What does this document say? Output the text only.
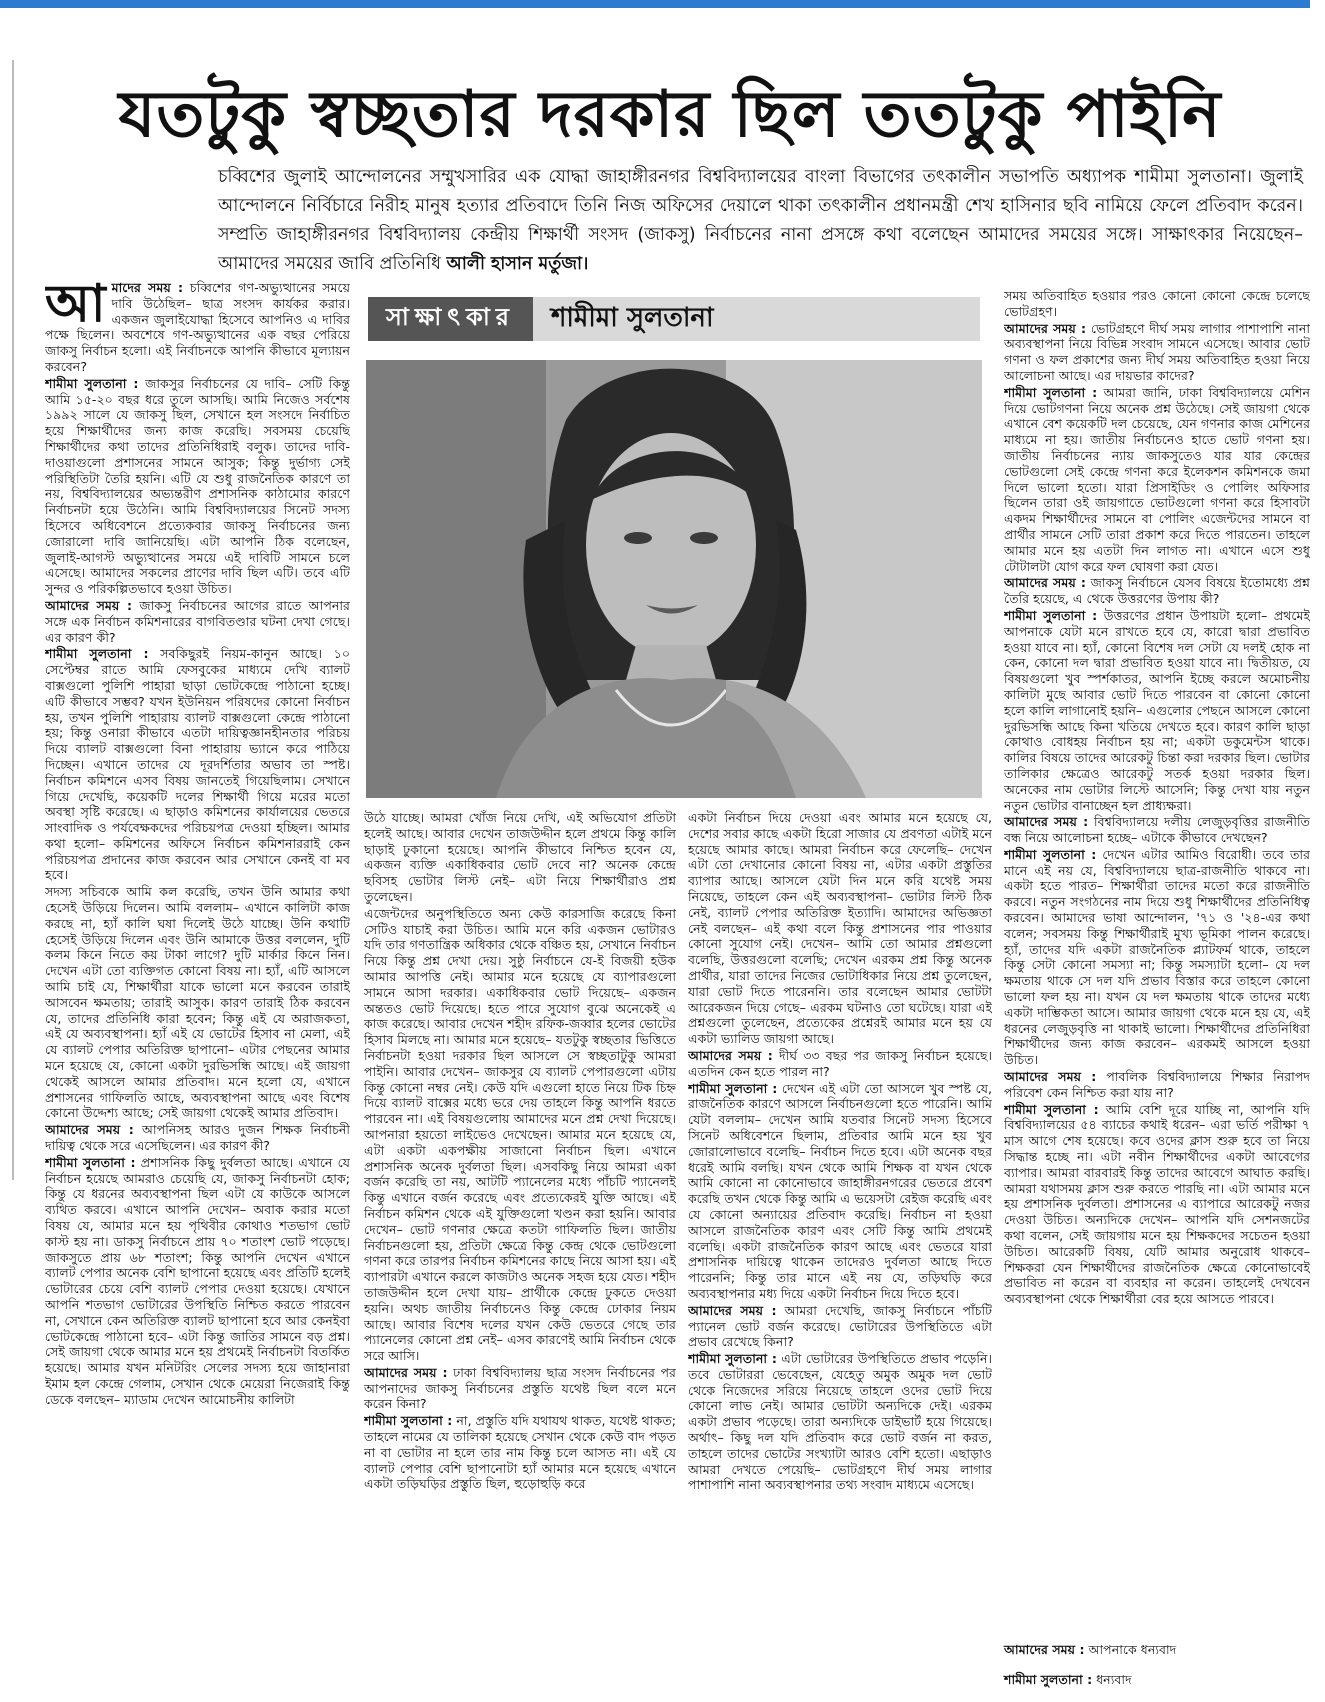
যতটুকু স্বচ্ছতার দরকার ছিল ততটুকু পাইনি
চব্বিশের জুলাই আন্দোলনের সম্মুখসারির এক যোদ্ধা জাহাঙ্গীরনগর বিশ্ববিদ্যালয়ের বাংলা বিভাগের তৎকালীন সভাপতি অধ্যাপক শামীমা সুলতানা। জুলাই আন্দোলনে নির্বিচারে নিরীহ মানুষ হত্যার প্রতিবাদে তিনি নিজ অফিসের দেয়ালে থাকা তৎকালীন প্রধানমন্ত্রী শেখ হাসিনার ছবি নামিয়ে ফেলে প্রতিবাদ করেন। সম্প্রতি জাহাঙ্গীরনগর বিশ্ববিদ্যালয় কেন্দ্রীয় শিক্ষার্থী সংসদ (জাকসু) নির্বাচনের নানা প্রসঙ্গে কথা বলেছেন আমাদের সময়ের সঙ্গে। সাক্ষাৎকার নিয়েছেন– আমাদের সময়ের জাবি প্রতিনিধি আলী হাসান মর্তুজা।
আ মাদের সময় : চব্বিশের গণ-অভ্যুত্থানের সময়ে দাবি উঠেছিল– ছাত্র সংসদ কার্যকর করার। একজন জুলাইযোদ্ধা হিসেবে আপনিও এ দাবির পক্ষে ছিলেন। অবশেষে গণ-অভ্যুত্থানের এক বছর পেরিয়ে জাকসু নির্বাচন হলো। এই নির্বাচনকে আপনি কীভাবে মূল্যায়ন করবেন?

শামীমা সুলতানা : জাকসুর নির্বাচনের যে দাবি– সেটি কিন্তু আমি ১৫-২০ বছর ধরে তুলে আসছি। আমি নিজেও সর্বশেষ ১৯৯২ সালে যে জাকসু ছিল, সেখানে হল সংসদে নির্বাচিত হয়ে শিক্ষার্থীদের জন্য কাজ করেছি। সবসময় চেয়েছি শিক্ষার্থীদের কথা তাদের প্রতিনিধিরাই বলুক। তাদের দাবি-দাওয়াগুলো প্রশাসনের সামনে আসুক; কিন্তু দুর্ভাগ্য সেই পরিস্থিতিটা তৈরি হয়নি। এটি যে শুধু রাজনৈতিক কারণে তা নয়, বিশ্ববিদ্যালয়ের অভ্যন্তরীণ প্রশাসনিক কাঠামোর কারণে নির্বাচনটা হয়ে উঠেনি। আমি বিশ্ববিদ্যালয়ের সিনেট সদস্য হিসেবে অধিবেশনে প্রত্যেকবার জাকসু নির্বাচনের জন্য জোরালো দাবি জানিয়েছি। এটা আপনি ঠিক বলেছেন, জুলাই-আগস্ট অভ্যুত্থানের সময়ে এই দাবিটি সামনে চলে এসেছে। আমাদের সকলের প্রাণের দাবি ছিল এটি। তবে এটি সুন্দর ও পরিকল্পিতভাবে হওয়া উচিত।

আমাদের সময় : জাকসু নির্বাচনের আগের রাতে আপনার সঙ্গে এক নির্বাচন কমিশনারের বাগবিতণ্ডার ঘটনা দেখা গেছে। এর কারণ কী?

শামীমা সুলতানা : সবকিছুরই নিয়ম-কানুন আছে। ১০ সেপ্টেম্বর রাতে আমি ফেসবুকের মাধ্যমে দেখি ব্যালট বাক্সগুলো পুলিশি পাহারা ছাড়া ভোটকেন্দ্রে পাঠানো হচ্ছে। এটি কীভাবে সম্ভব? যখন ইউনিয়ন পরিষদের কোনো নির্বাচন হয়, তখন পুলিশি পাহারায় ব্যালট বাক্সগুলো কেন্দ্রে পাঠানো হয়; কিন্তু ওনারা কীভাবে এতটা দায়িত্বজ্ঞানহীনতার পরিচয় দিয়ে ব্যালট বাক্সগুলো বিনা পাহারায় ভ্যানে করে পাঠিয়ে দিচ্ছেন। এখানে তাদের যে দূরদর্শিতার অভাব তা স্পষ্ট। নির্বাচন কমিশনে এসব বিষয় জানতেই গিয়েছিলাম। সেখানে গিয়ে দেখেছি, কয়েকটি দলের শিক্ষার্থী গিয়ে মরের মতো অবস্থা সৃষ্টি করেছে। এ ছাড়াও কমিশনের কার্যালয়ের ভেতরে সাংবাদিক ও পর্যবেক্ষকদের পরিচয়পত্র দেওয়া হচ্ছিল। আমার কথা হলো– কমিশনের অফিসে নির্বাচন কমিশনাররাই কেন পরিচয়পত্র প্রদানের কাজ করবেন আর সেখানে কেনই বা মব হবে।

সদস্য সচিবকে আমি কল করেছি, তখন উনি আমার কথা হেসেই উড়িয়ে দিলেন। আমি বললাম– এখানে কালিটা কাজ করছে না, হ্যাঁ কালি ঘষা দিলেই উঠে যাচ্ছে। উনি কথাটি হেসেই উড়িয়ে দিলেন এবং উনি আমাকে উত্তর বললেন, দুটি কলম কিনে নিতে কয় টাকা লাগে? দুটি মার্কার কিনে নিন। দেখেন এটা তো ব্যক্তিগত কোনো বিষয় না। হ্যাঁ, এটি আসলে আমি চাই যে, শিক্ষার্থীরা যাকে ভালো মনে করবেন তারাই আসবেন ক্ষমতায়; তারাই আসুক। কারণ তারাই ঠিক করবেন যে, তাদের প্রতিনিধি কারা হবেন; কিন্তু এই যে অরাজকতা, এই যে অব্যবস্থাপনা। হ্যাঁ এই যে ভোটের হিসাব না মেলা, এই যে ব্যালট পেপার অতিরিক্ত ছাপানো– এটার পেছনের আমার মনে হয়েছে যে, কোনো একটা দুরভিসন্ধি আছে। এই জায়গা থেকেই আসলে আমার প্রতিবাদ। মনে হলো যে, এখানে প্রশাসনের গাফিলতি আছে, অব্যবস্থাপনা আছে এবং বিশেষ কোনো উদ্দেশ্য আছে; সেই জায়গা থেকেই আমার প্রতিবাদ।

আমাদের সময় : আপনিসহ আরও দুজন শিক্ষক নির্বাচনী দায়িত্ব থেকে সরে এসেছিলেন। এর কারণ কী?

শামীমা সুলতানা : প্রশাসনিক কিছু দুর্বলতা আছে। এখানে যে নির্বাচন হয়েছে আমরাও চেয়েছি যে, জাকসু নির্বাচনটা হোক; কিন্তু যে ধরনের অব্যবস্থাপনা ছিল এটা যে কাউকে আসলে ব্যথিত করবে। এখানে আপনি দেখেন– অবাক করার মতো বিষয় যে, আমার মনে হয় পৃথিবীর কোথাও শতভাগ ভোট কাস্ট হয় না। ডাকসু নির্বাচনে প্রায় ৭০ শতাংশ ভোট পড়েছে। জাকসুতে প্রায় ৬৮ শতাংশ; কিন্তু আপনি দেখেন এখানে ব্যালট পেপার অনেক বেশি ছাপানো হয়েছে এবং প্রতিটি হলেই ভোটারের চেয়ে বেশি ব্যালট পেপার দেওয়া হয়েছে। যেখানে আপনি শতভাগ ভোটারের উপস্থিতি নিশ্চিত করতে পারবেন না, সেখানে কেন অতিরিক্ত ব্যালট ছাপানো হবে আর কেনইবা ভোটকেন্দ্রে পাঠানো হবে– এটা কিন্তু জাতির সামনে বড় প্রশ্ন। সেই জায়গা থেকে আমার মনে হয় প্রথমেই নির্বাচনটা বিতর্কিত হয়েছে। আমার যখন মনিটরিং সেলের সদস্য হয়ে জাহানারা ইমাম হল কেন্দ্রে গেলাম, সেখান থেকে মেয়েরা নিজেরাই কিন্তু ডেকে বলছেন– ম্যাডাম দেখেন আমোচনীয় কালিটা

সাক্ষাৎকার	শামীমা সুলতানা

উঠে যাচ্ছে। আমরা খোঁজ নিয়ে দেখি, এই অভিযোগ প্রতিটা হলেই আছে। আবার দেখেন তাজউদ্দীন হলে প্রথমে কিন্তু কালি ছাড়াই ঢুকানো হয়েছে। আপনি কীভাবে নিশ্চিত হবেন যে, একজন ব্যক্তি একাধিকবার ভোট দেবে না? অনেক কেন্দ্রে ছবিসহ ভোটার লিস্ট নেই– এটা নিয়ে শিক্ষার্থীরাও প্রশ্ন তুলেছেন।

এজেন্টদের অনুপস্থিতিতে অন্য কেউ কারসাজি করেছে কিনা সেটিও যাচাই করা উচিত। আমি মনে করি একজন ভোটারও যদি তার গণতান্ত্রিক অধিকার থেকে বঞ্চিত হয়, সেখানে নির্বাচন নিয়ে কিন্তু প্রশ্ন দেখা দেয়। সুষ্ঠু নির্বাচনে যে-ই বিজয়ী হউক আমার আপত্তি নেই। আমার মনে হয়েছে যে ব্যাপারগুলো সামনে আসা দরকার। একাধিকবার ভোট দিয়েছে– একজন অন্ততও ভোট দিয়েছে। হতে পারে সুযোগ বুঝে অনেকেই এ কাজ করেছে। আবার দেখেন শহীদ রফিক-জব্বার হলের ভোটের হিসাব মিলছে না। আমার মনে হয়েছে– যতটুকু স্বচ্ছতার ভিত্তিতে নির্বাচনটা হওয়া দরকার ছিল আসলে সে স্বচ্ছতাটুকু আমরা পাইনি। আবার দেখেন– জাকসুর যে ব্যালট পেপারগুলো এটায় কিন্তু কোনো নম্বর নেই। কেউ যদি এগুলো হাতে নিয়ে টিক চিহ্ন দিয়ে ব্যালট বাক্সের মধ্যে ভরে দেয় তাহলে কিন্তু আপনি ধরতে পারবেন না। এই বিষয়গুলোয় আমাদের মনে প্রশ্ন দেখা দিয়েছে। আপনারা হয়তো লাইভেও দেখেছেন। আমার মনে হয়েছে যে, এটা একটা একপক্ষীয় সাজানো নির্বাচন ছিল। এখানে প্রশাসনিক অনেক দুর্বলতা ছিল। এসবকিছু নিয়ে আমরা একা বর্জন করেছি তা নয়, আটটি প্যানেলের মধ্যে পাঁচটি প্যানেলই কিন্তু এখানে বর্জন করেছে এবং প্রত্যেকেরই যুক্তি আছে। এই নির্বাচন কমিশন থেকে এই যুক্তিগুলো খণ্ডন করা হয়নি। আবার দেখেন– ভোট গণনার ক্ষেত্রে কতটা গাফিলতি ছিল। জাতীয় নির্বাচনগুলো হয়, প্রতিটা ক্ষেত্রে কিন্তু কেন্দ্র থেকে ভোটগুলো গণনা করে তারপর নির্বাচন কমিশনের কাছে নিয়ে আসা হয়। এই ব্যাপারটা এখানে করলে কাজটাও অনেক সহজ হয়ে যেত। শহীদ তাজউদ্দীন হলে দেখা যায়– প্রার্থীকে কেন্দ্রে ঢুকতে দেওয়া হয়নি। অথচ জাতীয় নির্বাচনেও কিন্তু কেন্দ্রে ঢোকার নিয়ম আছে। আবার বিশেষ দলের যখন কেউ ভেতরে গেছে তার প্যানেলের কোনো প্রশ্ন নেই– এসব কারণেই আমি নির্বাচন থেকে সরে আসি।

আমাদের সময় : ঢাকা বিশ্ববিদ্যালয় ছাত্র সংসদ নির্বাচনের পর আপনাদের জাকসু নির্বাচনের প্রস্তুতি যথেষ্ট ছিল বলে মনে করেন কিনা?

শামীমা সুলতানা : না, প্রস্তুতি যদি যথাযথ থাকত, যথেষ্ট থাকত; তাহলে নামের যে তালিকা হয়েছে সেখান থেকে কেউ বাদ পড়ত না বা ভোটার না হলে তার নাম কিন্তু চলে আসত না। এই যে ব্যালট পেপার বেশি ছাপানোটা হ্যাঁ আমার মনে হয়েছে এখানে একটা তড়িঘড়ির প্রস্তুতি ছিল, হুড়োহুড়ি করে

একটা নির্বাচন দিয়ে দেওয়া এবং আমার মনে হয়েছে যে, দেশের সবার কাছে একটা হিরো সাজার যে প্রবণতা এটাই মনে হয়েছে আমার কাছে। আমরা নির্বাচন করে ফেলেছি– দেখেন এটা তো দেখানোর কোনো বিষয় না, এটার একটা প্রস্তুতির ব্যাপার আছে। আসলে যেটা দিন মনে করি যথেষ্ট সময় নিয়েছে, তাহলে কেন এই অব্যবস্থাপনা– ভোটার লিস্ট ঠিক নেই, ব্যালট পেপার অতিরিক্ত ইত্যাদি। আমাদের অভিজ্ঞতা নেই বলছেন– এই কথা বলে কিন্তু প্রশাসনের পার পাওয়ার কোনো সুযোগ নেই। দেখেন– আমি তো আমার প্রশ্নগুলো বলেছি, উত্তরগুলো বলেছি; দেখেন এরকম প্রশ্ন কিন্তু অনেক প্রার্থীর, যারা তাদের নিজের ভোটাধিকার নিয়ে প্রশ্ন তুলেছেন, যারা ভোট দিতে পারেননি। তার বলেছেন আমার ভোটটা আরেকজন দিয়ে গেছে– এরকম ঘটনাও তো ঘটেছে। যারা এই প্রশ্নগুলো তুলেছেন, প্রত্যেকের প্রশ্নেরই আমার মনে হয় যে একটা ভ্যালিড জায়গা আছে।

আমাদের সময় : দীর্ঘ ৩৩ বছর পর জাকসু নির্বাচন হয়েছে। এতদিন কেন হতে পারল না?

শামীমা সুলতানা : দেখেন এই এটা তো আসলে খুব স্পষ্ট যে, রাজনৈতিক কারণে আসলে নির্বাচনগুলো হতে পারেনি। আমি যেটা বললাম– দেখেন আমি যতবার সিনেট সদস্য হিসেবে সিনেট অধিবেশনে ছিলাম, প্রতিবার আমি মনে হয় খুব জোরালোভাবে বলেছি– নির্বাচন দিতে হবে। এটা অনেক বছর ধরেই আমি বলছি। যখন থেকে আমি শিক্ষক বা যখন থেকে আমি কোনো না কোনোভাবে জাহাঙ্গীরনগরের ভেতরে প্রবেশ করেছি তখন থেকে কিন্তু আমি এ ভয়েসটা রেইজ করেছি এবং যে কোনো অন্যায়ের প্রতিবাদ করেছি। নির্বাচন না হওয়া আসলে রাজনৈতিক কারণ এবং সেটি কিন্তু আমি প্রথমেই বলেছি। একটা রাজনৈতিক কারণ আছে এবং ভেতরে যারা প্রশাসনিক দায়িত্বে থাকেন তাদেরও দুর্বলতা আছে দিতে পারেননি; কিন্তু তার মানে এই নয় যে, তড়িঘড়ি করে অব্যবস্থাপনার মধ্য দিয়ে একটা নির্বাচন দিয়ে দিতে হবে।

আমাদের সময় : আমরা দেখেছি, জাকসু নির্বাচনে পাঁচটি প্যানেল ভোট বর্জন করেছে। ভোটারের উপস্থিতিতে এটা প্রভাব রেখেছে কিনা?

শামীমা সুলতানা : এটা ভোটারের উপস্থিতিতে প্রভাব পড়েনি। তবে ভোটাররা ভেবেছেন, যেহেতু অমুক অমুক দল ভোট থেকে নিজেদের সরিয়ে নিয়েছে তাহলে ওদের ভোট দিয়ে কোনো লাভ নেই। আমার ভোটটা অন্যদিকে দেই। এরকম একটা প্রভাব পড়েছে। তারা অন্যদিকে ডাইভার্ট হয়ে গিয়েছে। অর্থাৎ– কিছু দল যদি প্রতিবাদ করে ভোট বর্জন না করত, তাহলে তাদের ভোটের সংখ্যাটা আরও বেশি হতো। এছাড়াও আমরা দেখতে পেয়েছি– ভোটগ্রহণে দীর্ঘ সময় লাগার পাশাপাশি নানা অব্যবস্থাপনার তথ্য সংবাদ মাধ্যমে এসেছে।

সময় অতিবাহিত হওয়ার পরও কোনো কোনো কেন্দ্রে চলেছে ভোটগ্রহণ।

আমাদের সময় : ভোটগ্রহণে দীর্ঘ সময় লাগার পাশাপাশি নানা অব্যবস্থাপনা নিয়ে বিভিন্ন সংবাদ সামনে এসেছে। আবার ভোট গণনা ও ফল প্রকাশের জন্য দীর্ঘ সময় অতিবাহিত হওয়া নিয়ে আলোচনা আছে। এর দায়ভার কাদের?

শামীমা সুলতানা : আমরা জানি, ঢাকা বিশ্ববিদ্যালয়ে মেশিন দিয়ে ভোটগণনা নিয়ে অনেক প্রশ্ন উঠেছে। সেই জায়গা থেকে এখানে বেশ কয়েকটি দল চেয়েছে, যেন গণনার কাজ মেশিনের মাধ্যমে না হয়। জাতীয় নির্বাচনেও হাতে ভোট গণনা হয়। জাতীয় নির্বাচনের ন্যায় জাকসুতেও যার যার কেন্দ্রের ভোটগুলো সেই কেন্দ্রে গণনা করে ইলেকশন কমিশনকে জমা দিলে ভালো হতো। যারা প্রিসাইডিং ও পোলিং অফিসার ছিলেন তারা ওই জায়গাতে ভোটগুলো গণনা করে হিসাবটা একদম শিক্ষার্থীদের সামনে বা পোলিং এজেন্টদের সামনে বা প্রার্থীর সামনে সেটি তারা প্রকাশ করে দিতে পারতেন। তাহলে আমার মনে হয় এতটা দিন লাগত না। এখানে এসে শুধু টোটালটা যোগ করে ফল ঘোষণা করা যেত।

আমাদের সময় : জাকসু নির্বাচনে যেসব বিষয়ে ইতোমধ্যে প্রশ্ন তৈরি হয়েছে, এ থেকে উত্তরণের উপায় কী?

শামীমা সুলতানা : উত্তরণের প্রধান উপায়টা হলো– প্রথমেই আপনাকে যেটা মনে রাখতে হবে যে, কারো দ্বারা প্রভাবিত হওয়া যাবে না। হ্যাঁ, কোনো বিশেষ দল সেটা যে দলই হোক না কেন, কোনো দল দ্বারা প্রভাবিত হওয়া যাবে না। দ্বিতীয়ত, যে বিষয়গুলো খুব স্পর্শকাতর, আপনি ইচ্ছে করলে অমোচনীয় কালিটা মুছে আবার ভোট দিতে পারবেন বা কোনো কোনো হলে কালি লাগানোই হয়নি– এগুলোর পেছনে আসলে কোনো দুরভিসন্ধি আছে কিনা খতিয়ে দেখতে হবে। কারণ কালি ছাড়া কোথাও বোধহয় নির্বাচন হয় না; একটা ডকুমেন্টস থাকে। কালির বিষয়ে তাদের আরেকটু চিন্তা করা দরকার ছিল। ভোটার তালিকার ক্ষেত্রেও আরেকটু সতর্ক হওয়া দরকার ছিল। অনেকের নাম ভোটার লিস্টে আসেনি; কিন্তু দেখা যায় নতুন নতুন ভোটার বানাচ্ছেন হল প্রাধ্যক্ষরা।

আমাদের সময় : বিশ্ববিদ্যালয়ে দলীয় লেজুড়বৃত্তির রাজনীতি বন্ধ নিয়ে আলোচনা হচ্ছে– এটাকে কীভাবে দেখছেন?

শামীমা সুলতানা : দেখেন এটার আমিও বিরোধী। তবে তার মানে এই নয় যে, বিশ্ববিদ্যালয়ে ছাত্র-রাজনীতি থাকবে না। একটা হতে পারত– শিক্ষার্থীরা তাদের মতো করে রাজনীতি করবে। নতুন সংগঠনের নাম দিয়ে শুধু শিক্ষার্থীদের প্রতিনিধিত্ব করবেন। আমাদের ভাষা আন্দোলন, '৭১ ও '২৪-এর কথা বলেন; সবসময় কিন্তু শিক্ষার্থীরাই মুখ্য ভূমিকা পালন করেছে। হ্যাঁ, তাদের যদি একটা রাজনৈতিক প্ল্যাটফর্ম থাকে, তাহলে কিন্তু সেটা কোনো সমস্যা না; কিন্তু সমস্যাটা হলো– যে দল ক্ষমতায় থাকে সে দল যদি প্রভাব বিস্তার করে তাহলে কোনো ভালো ফল হয় না। যখন যে দল ক্ষমতায় থাকে তাদের মধ্যে একটা দাম্ভিকতা আসে। আমার জায়গা থেকে মনে হয় যে, এই ধরনের লেজুড়বৃত্তি না থাকাই ভালো। শিক্ষার্থীদের প্রতিনিধিরা শিক্ষার্থীদের জন্য কাজ করবেন– এরকমই আসলে হওয়া উচিত।

আমাদের সময় : পাবলিক বিশ্ববিদ্যালয়ে শিক্ষার নিরাপদ পরিবেশ কেন নিশ্চিত করা যায় না?

শামীমা সুলতানা : আমি বেশি দূরে যাচ্ছি না, আপনি যদি বিশ্ববিদ্যালয়ের ৫৪ ব্যাচের কথাই ধরেন– এরা ভর্তি পরীক্ষা ৭ মাস আগে শেষ হয়েছে। কবে ওদের ক্লাস শুরু হবে তা নিয়ে সিদ্ধান্ত হচ্ছে না। এটা নবীন শিক্ষার্থীদের একটা আবেগের ব্যাপার। আমরা বারবারই কিন্তু তাদের আবেগে আঘাত করছি। আমরা যথাসময় ক্লাস শুরু করতে পারছি না। এটা আমার মনে হয় প্রশাসনিক দুর্বলতা। প্রশাসনের এ ব্যাপারে আরেকটু নজর দেওয়া উচিত। অন্যদিকে দেখেন– আপনি যদি সেশনজটের কথা বলেন, সেই জায়গায় মনে হয় শিক্ষকদের সচেতন হওয়া উচিত। আরেকটি বিষয়, যেটি আমার অনুরোধ থাকবে– শিক্ষকরা যেন শিক্ষার্থীদের রাজনৈতিক ক্ষেত্রে কোনোভাবেই প্রভাবিত না করেন বা ব্যবহার না করেন। তাহলেই দেখবেন অব্যবস্থাপনা থেকে শিক্ষার্থীরা বের হয়ে আসতে পারবে।

আমাদের সময় : আপনাকে ধন্যবাদ

শামীমা সুলতানা : ধন্যবাদ
